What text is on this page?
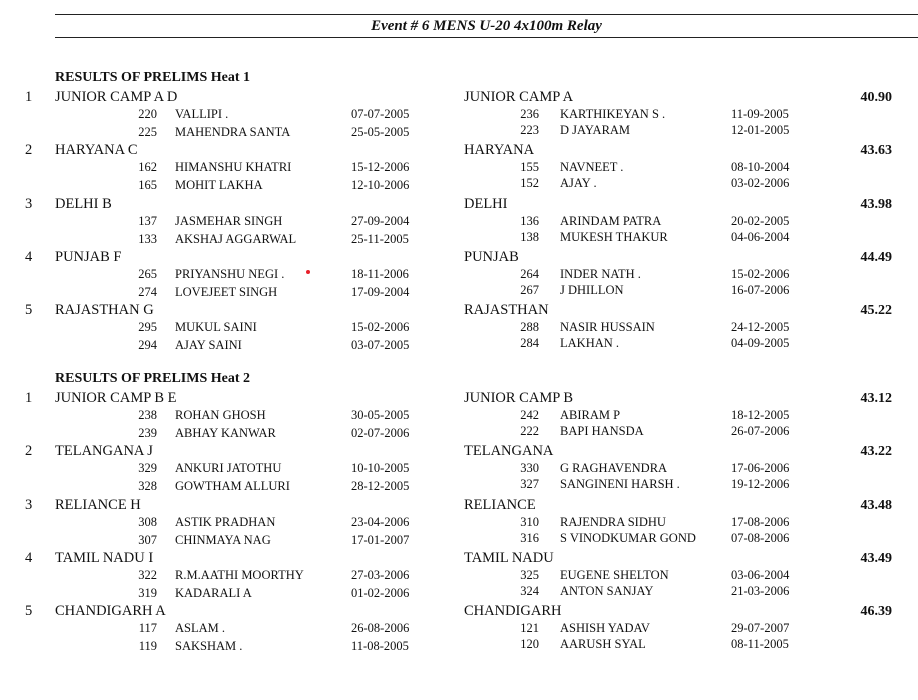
Event # 6 MENS U-20 4x100m Relay
RESULTS OF PRELIMS Heat 1
1 JUNIOR CAMP A D	JUNIOR CAMP A	40.90
220 VALLIPI .	07-07-2005
225 MAHENDRA SANTA	25-05-2005
236 KARTHIKEYAN S .	11-09-2005
223 D JAYARAM	12-01-2005
2 HARYANA C	HARYANA	43.63
162 HIMANSHU KHATRI	15-12-2006
165 MOHIT LAKHA	12-10-2006
155 NAVNEET .	08-10-2004
152 AJAY .	03-02-2006
3 DELHI B	DELHI	43.98
137 JASMEHAR SINGH	27-09-2004
133 AKSHAJ AGGARWAL	25-11-2005
136 ARINDAM PATRA	20-02-2005
138 MUKESH THAKUR	04-06-2004
4 PUNJAB F	PUNJAB	44.49
265 PRIYANSHU NEGI .	18-11-2006
274 LOVEJEET SINGH	17-09-2004
264 INDER NATH .	15-02-2006
267 J DHILLON	16-07-2006
5 RAJASTHAN G	RAJASTHAN	45.22
295 MUKUL SAINI	15-02-2006
294 AJAY SAINI	03-07-2005
288 NASIR HUSSAIN	24-12-2005
284 LAKHAN .	04-09-2005
RESULTS OF PRELIMS Heat 2
1 JUNIOR CAMP B E	JUNIOR CAMP B	43.12
238 ROHAN GHOSH	30-05-2005
239 ABHAY KANWAR	02-07-2006
242 ABIRAM P	18-12-2005
222 BAPI HANSDA	26-07-2006
2 TELANGANA J	TELANGANA	43.22
329 ANKURI JATOTHU	10-10-2005
328 GOWTHAM ALLURI	28-12-2005
330 G RAGHAVENDRA	17-06-2006
327 SANGINENI HARSH .	19-12-2006
3 RELIANCE H	RELIANCE	43.48
308 ASTIK PRADHAN	23-04-2006
307 CHINMAYA NAG	17-01-2007
310 RAJENDRA SIDHU	17-08-2006
316 S VINODKUMAR GOND	07-08-2006
4 TAMIL NADU I	TAMIL NADU	43.49
322 R.M.AATHI MOORTHY	27-03-2006
319 KADARALI A	01-02-2006
325 EUGENE SHELTON	03-06-2004
324 ANTON SANJAY	21-03-2006
5 CHANDIGARH A	CHANDIGARH	46.39
117 ASLAM .	26-08-2006
119 SAKSHAM .	11-08-2005
121 ASHISH YADAV	29-07-2007
120 AARUSH SYAL	08-11-2005
